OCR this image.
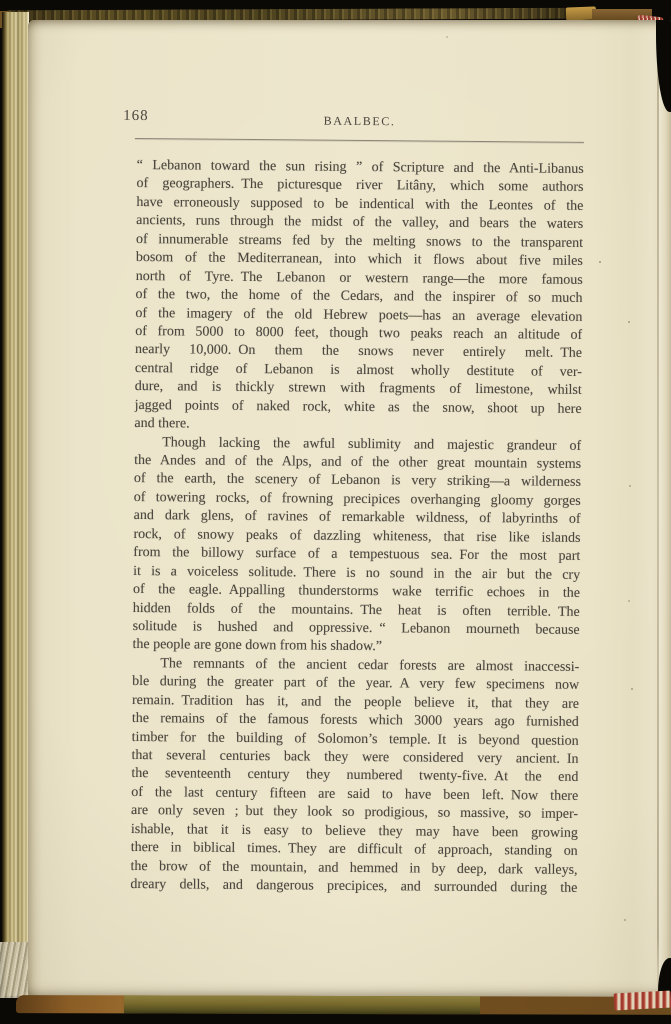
168	BAALBEC.
“ Lebanon toward the sun rising ” of Scripture and the Anti-Libanus
of geographers. The picturesque river Litâny, which some authors
have erroneously supposed to be indentical with the Leontes of the
ancients, runs through the midst of the valley, and bears the waters
of innumerable streams fed by the melting snows to the transparent
bosom of the Mediterranean, into which it flows about five miles
north of Tyre. The Lebanon or western range—the more famous
of the two, the home of the Cedars, and the inspirer of so much
of the imagery of the old Hebrew poets—has an average elevation
of from 5000 to 8000 feet, though two peaks reach an altitude of
nearly 10,000. On them the snows never entirely melt. The
central ridge of Lebanon is almost wholly destitute of ver-
dure, and is thickly strewn with fragments of limestone, whilst
jagged points of naked rock, white as the snow, shoot up here
and there.
Though lacking the awful sublimity and majestic grandeur of
the Andes and of the Alps, and of the other great mountain systems
of the earth, the scenery of Lebanon is very striking—a wilderness
of towering rocks, of frowning precipices overhanging gloomy gorges
and dark glens, of ravines of remarkable wildness, of labyrinths of
rock, of snowy peaks of dazzling whiteness, that rise like islands
from the billowy surface of a tempestuous sea. For the most part
it is a voiceless solitude. There is no sound in the air but the cry
of the eagle. Appalling thunderstorms wake terrific echoes in the
hidden folds of the mountains. The heat is often terrible. The
solitude is hushed and oppressive. “ Lebanon mourneth because
the people are gone down from his shadow.”
The remnants of the ancient cedar forests are almost inaccessi-
ble during the greater part of the year. A very few specimens now
remain. Tradition has it, and the people believe it, that they are
the remains of the famous forests which 3000 years ago furnished
timber for the building of Solomon’s temple. It is beyond question
that several centuries back they were considered very ancient. In
the seventeenth century they numbered twenty-five. At the end
of the last century fifteen are said to have been left. Now there
are only seven ; but they look so prodigious, so massive, so imper-
ishable, that it is easy to believe they may have been growing
there in biblical times. They are difficult of approach, standing on
the brow of the mountain, and hemmed in by deep, dark valleys,
dreary dells, and dangerous precipices, and surrounded during the
